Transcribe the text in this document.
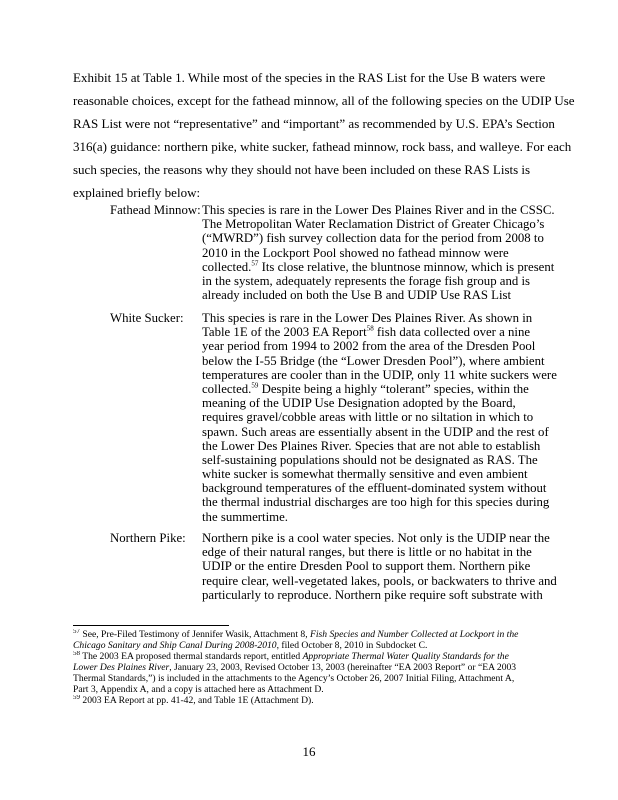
Exhibit 15 at Table 1. While most of the species in the RAS List for the Use B waters were
reasonable choices, except for the fathead minnow, all of the following species on the UDIP Use
RAS List were not “representative” and “important” as recommended by U.S. EPA’s Section
316(a) guidance: northern pike, white sucker, fathead minnow, rock bass, and walleye. For each
such species, the reasons why they should not have been included on these RAS Lists is
explained briefly below:
Fathead Minnow: This species is rare in the Lower Des Plaines River and in the CSSC.
The Metropolitan Water Reclamation District of Greater Chicago’s
(“MWRD”) fish survey collection data for the period from 2008 to
2010 in the Lockport Pool showed no fathead minnow were
collected.$^{57}$ Its close relative, the bluntnose minnow, which is present
in the system, adequately represents the forage fish group and is
already included on both the Use B and UDIP Use RAS List
White Sucker:	This species is rare in the Lower Des Plaines River. As shown in
Table 1E of the 2003 EA Report$^{58}$ fish data collected over a nine
year period from 1994 to 2002 from the area of the Dresden Pool
below the I-55 Bridge (the “Lower Dresden Pool”), where ambient
temperatures are cooler than in the UDIP, only 11 white suckers were
collected.$^{59}$ Despite being a highly “tolerant” species, within the
meaning of the UDIP Use Designation adopted by the Board,
requires gravel/cobble areas with little or no siltation in which to
spawn. Such areas are essentially absent in the UDIP and the rest of
the Lower Des Plaines River. Species that are not able to establish
self-sustaining populations should not be designated as RAS. The
white sucker is somewhat thermally sensitive and even ambient
background temperatures of the effluent-dominated system without
the thermal industrial discharges are too high for this species during
the summertime.
Northern Pike:	Northern pike is a cool water species. Not only is the UDIP near the
edge of their natural ranges, but there is little or no habitat in the
UDIP or the entire Dresden Pool to support them. Northern pike
require clear, well-vegetated lakes, pools, or backwaters to thrive and
particularly to reproduce. Northern pike require soft substrate with
$^{57}$ See, Pre-Filed Testimony of Jennifer Wasik, Attachment 8, Fish Species and Number Collected at Lockport in the
Chicago Sanitary and Ship Canal During 2008-2010, filed October 8, 2010 in Subdocket C.
$^{58}$ The 2003 EA proposed thermal standards report, entitled Appropriate Thermal Water Quality Standards for the
Lower Des Plaines River, January 23, 2003, Revised October 13, 2003 (hereinafter “EA 2003 Report” or “EA 2003
Thermal Standards,”) is included in the attachments to the Agency’s October 26, 2007 Initial Filing, Attachment A,
Part 3, Appendix A, and a copy is attached here as Attachment D.
$^{59}$ 2003 EA Report at pp. 41-42, and Table 1E (Attachment D).
16
